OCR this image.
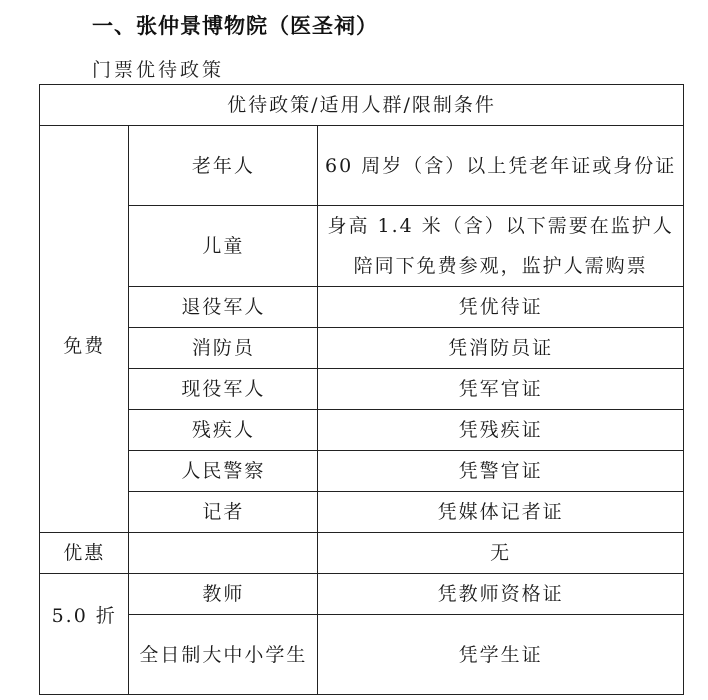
一、张仲景博物院（医圣祠）
门票优待政策
优待政策/适用人群/限制条件		
免费	老年人	60 周岁（含）以上凭老年证或身份证
	儿童	身高 1.4 米（含）以下需要在监护人陪同下免费参观，监护人需购票
	退役军人	凭优待证
	消防员	凭消防员证
	现役军人	凭军官证
	残疾人	凭残疾证
	人民警察	凭警官证
	记者	凭媒体记者证
优惠		无
5.0 折	教师	凭教师资格证
	全日制大中小学生	凭学生证
